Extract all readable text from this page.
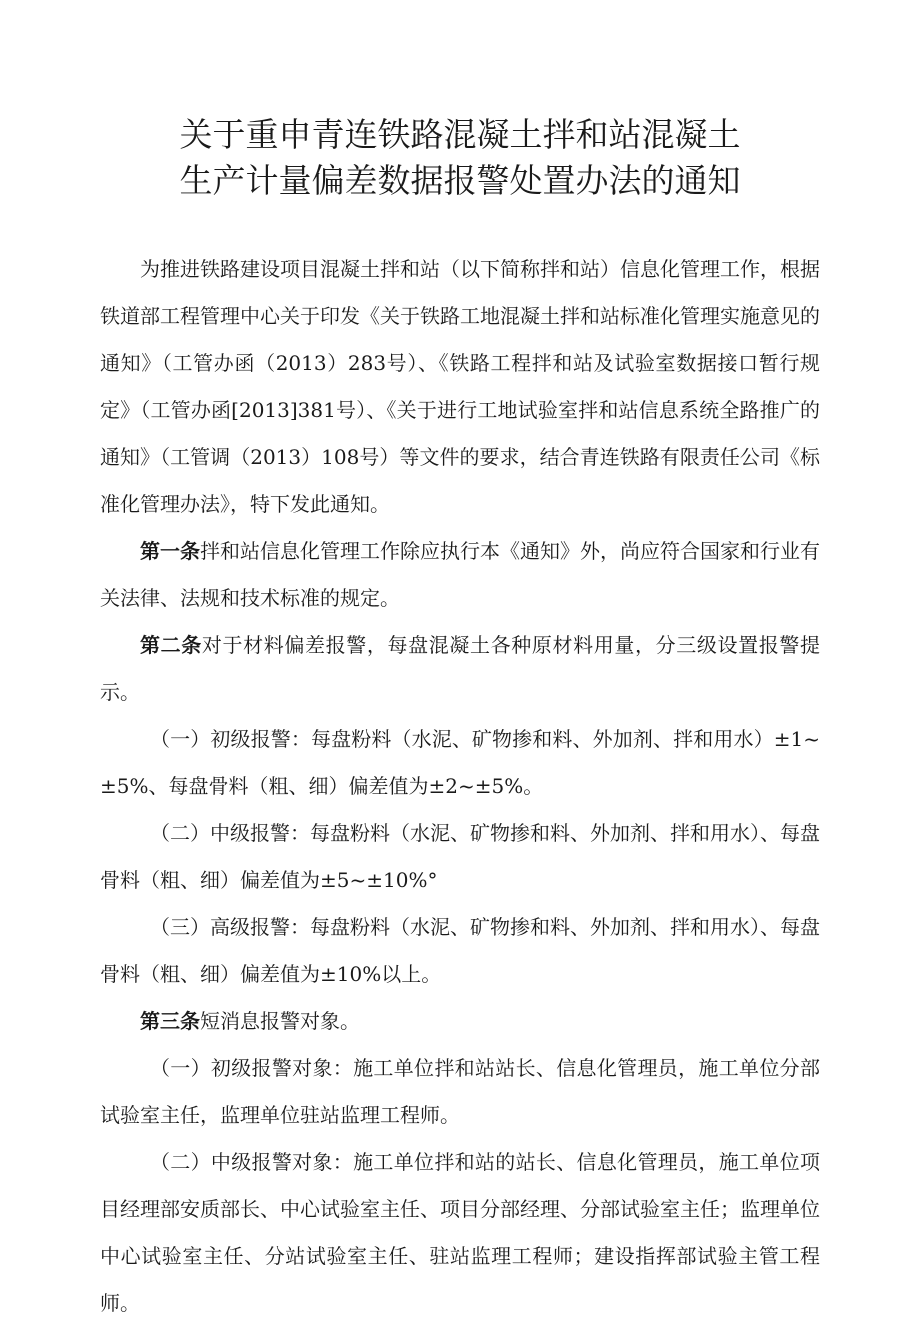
关于重申青连铁路混凝土拌和站混凝土
生产计量偏差数据报警处置办法的通知

为推进铁路建设项目混凝土拌和站（以下简称拌和站）信息化管理工作，根据铁道部工程管理中心关于印发《关于铁路工地混凝土拌和站标准化管理实施意见的通知》（工管办函（2013）283号）、《铁路工程拌和站及试验室数据接口暂行规定》（工管办函[2013]381号）、《关于进行工地试验室拌和站信息系统全路推广的通知》（工管调（2013）108号）等文件的要求，结合青连铁路有限责任公司《标准化管理办法》，特下发此通知。

第一条拌和站信息化管理工作除应执行本《通知》外，尚应符合国家和行业有关法律、法规和技术标准的规定。

第二条对于材料偏差报警，每盘混凝土各种原材料用量，分三级设置报警提示。

（一）初级报警：每盘粉料（水泥、矿物掺和料、外加剂、拌和用水）±1~±5%、每盘骨料（粗、细）偏差值为±2~±5%。

（二）中级报警：每盘粉料（水泥、矿物掺和料、外加剂、拌和用水）、每盘骨料（粗、细）偏差值为±5~±10%°

（三）高级报警：每盘粉料（水泥、矿物掺和料、外加剂、拌和用水）、每盘骨料（粗、细）偏差值为±10%以上。

第三条短消息报警对象。

（一）初级报警对象：施工单位拌和站站长、信息化管理员，施工单位分部试验室主任，监理单位驻站监理工程师。

（二）中级报警对象：施工单位拌和站的站长、信息化管理员，施工单位项目经理部安质部长、中心试验室主任、项目分部经理、分部试验室主任；监理单位中心试验室主任、分站试验室主任、驻站监理工程师；建设指挥部试验主管工程师。
